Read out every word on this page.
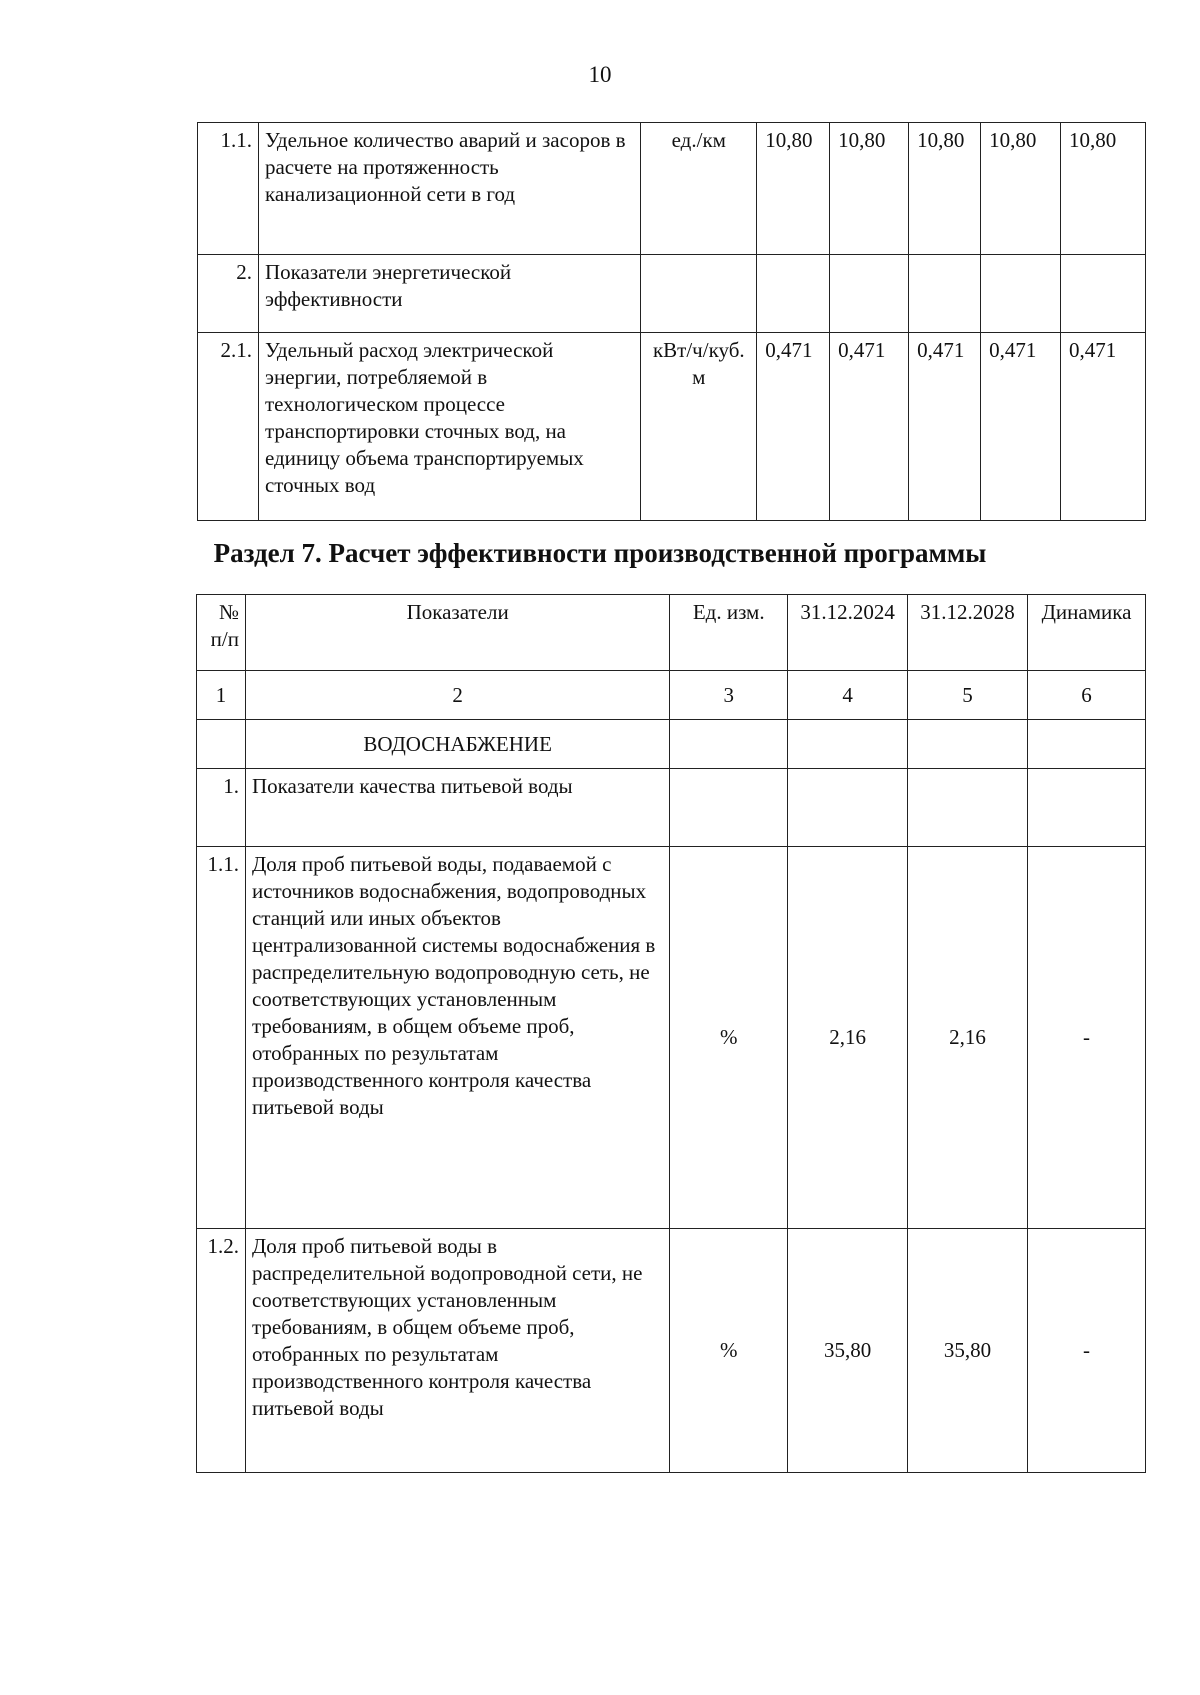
10
1.1.	Удельное количество аварий и засоров в расчете на протяженность канализационной сети в год	ед./км	10,80	10,80	10,80	10,80	10,80
2.	Показатели энергетической эффективности						
2.1.	Удельный расход электрической энергии, потребляемой в технологическом процессе транспортировки сточных вод, на единицу объема транспортируемых сточных вод	кВт/ч/куб. м	0,471	0,471	0,471	0,471	0,471
Раздел 7. Расчет эффективности производственной программы
№ п/п	Показатели	Ед. изм.	31.12.2024	31.12.2028	Динамика
1	2	3	4	5	6
	ВОДОСНАБЖЕНИЕ				
1.	Показатели качества питьевой воды				
1.1.	Доля проб питьевой воды, подаваемой с источников водоснабжения, водопроводных станций или иных объектов централизованной системы водоснабжения в распределительную водопроводную сеть, не соответствующих установленным требованиям, в общем объеме проб, отобранных по результатам производственного контроля качества питьевой воды	%	2,16	2,16	-
1.2.	Доля проб питьевой воды в распределительной водопроводной сети, не соответствующих установленным требованиям, в общем объеме проб, отобранных по результатам производственного контроля качества питьевой воды	%	35,80	35,80	-
